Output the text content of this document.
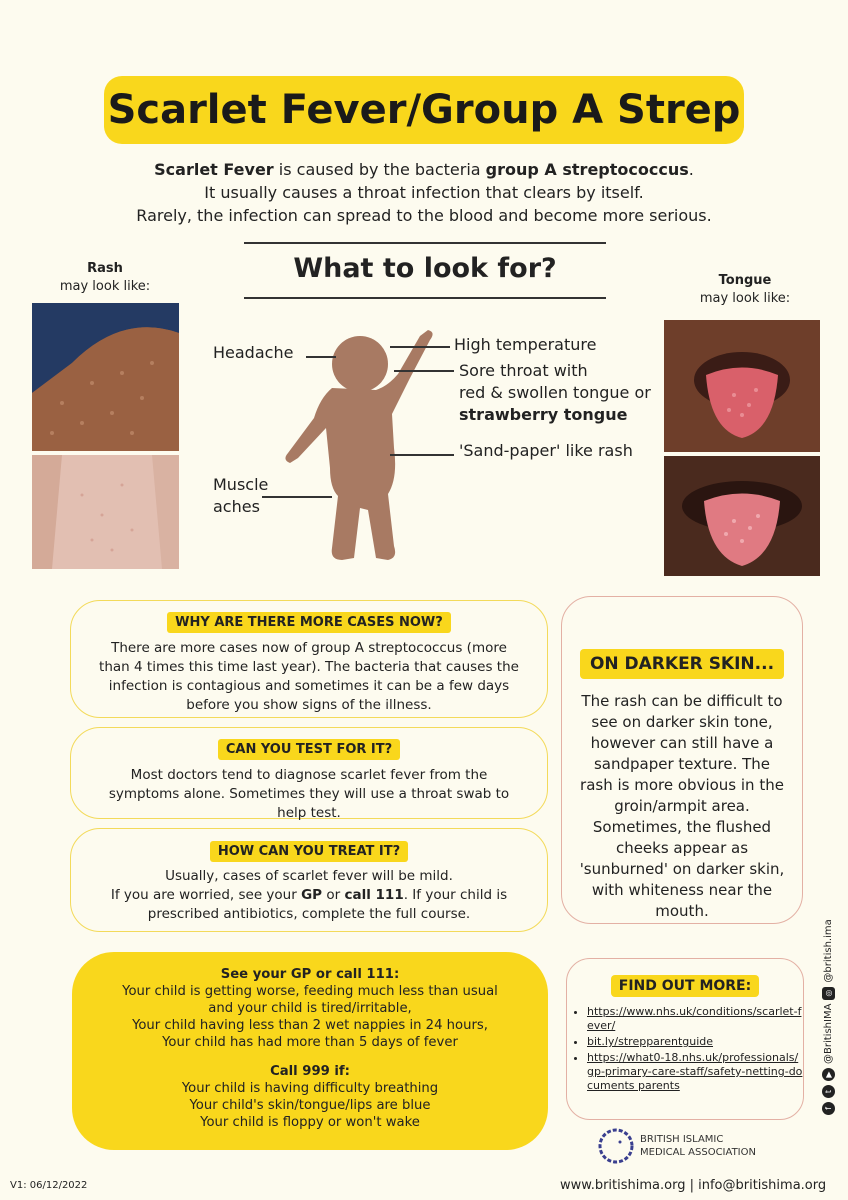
Scarlet Fever/Group A Strep
Scarlet Fever is caused by the bacteria group A streptococcus.
It usually causes a throat infection that clears by itself.
Rarely, the infection can spread to the blood and become more serious.
What to look for?
Rash
may look like:	Tongue
may look like:
Headache	High temperature
Sore throat with
red & swollen tongue or
strawberry tongue
'Sand-paper' like rash
Muscle
aches
WHY ARE THERE MORE CASES NOW?
There are more cases now of group A streptococcus (more than 4 times this time last year). The bacteria that causes the infection is contagious and sometimes it can be a few days before you show signs of the illness.
CAN YOU TEST FOR IT?
Most doctors tend to diagnose scarlet fever from the symptoms alone. Sometimes they will use a throat swab to help test.
HOW CAN YOU TREAT IT?
Usually, cases of scarlet fever will be mild.
If you are worried, see your GP or call 111. If your child is prescribed antibiotics, complete the full course.
ON DARKER SKIN...
The rash can be difficult to see on darker skin tone, however can still have a sandpaper texture. The rash is more obvious in the groin/armpit area. Sometimes, the flushed cheeks appear as 'sunburned' on darker skin, with whiteness near the mouth.
See your GP or call 111:
Your child is getting worse, feeding much less than usual
and your child is tired/irritable,
Your child having less than 2 wet nappies in 24 hours,
Your child has had more than 5 days of fever
Call 999 if:
Your child is having difficulty breathing
Your child's skin/tongue/lips are blue
Your child is floppy or won't wake
FIND OUT MORE:
• https://www.nhs.uk/conditions/scarlet-fever/
• bit.ly/strepparentguide
• https://what0-18.nhs.uk/professionals/gp-primary-care-staff/safety-netting-documents parents
f
t
▶
@BritishIMA
◎
@british.ima
BRITISH ISLAMIC
MEDICAL ASSOCIATION
V1: 06/12/2022	www.britishima.org | info@britishima.org
